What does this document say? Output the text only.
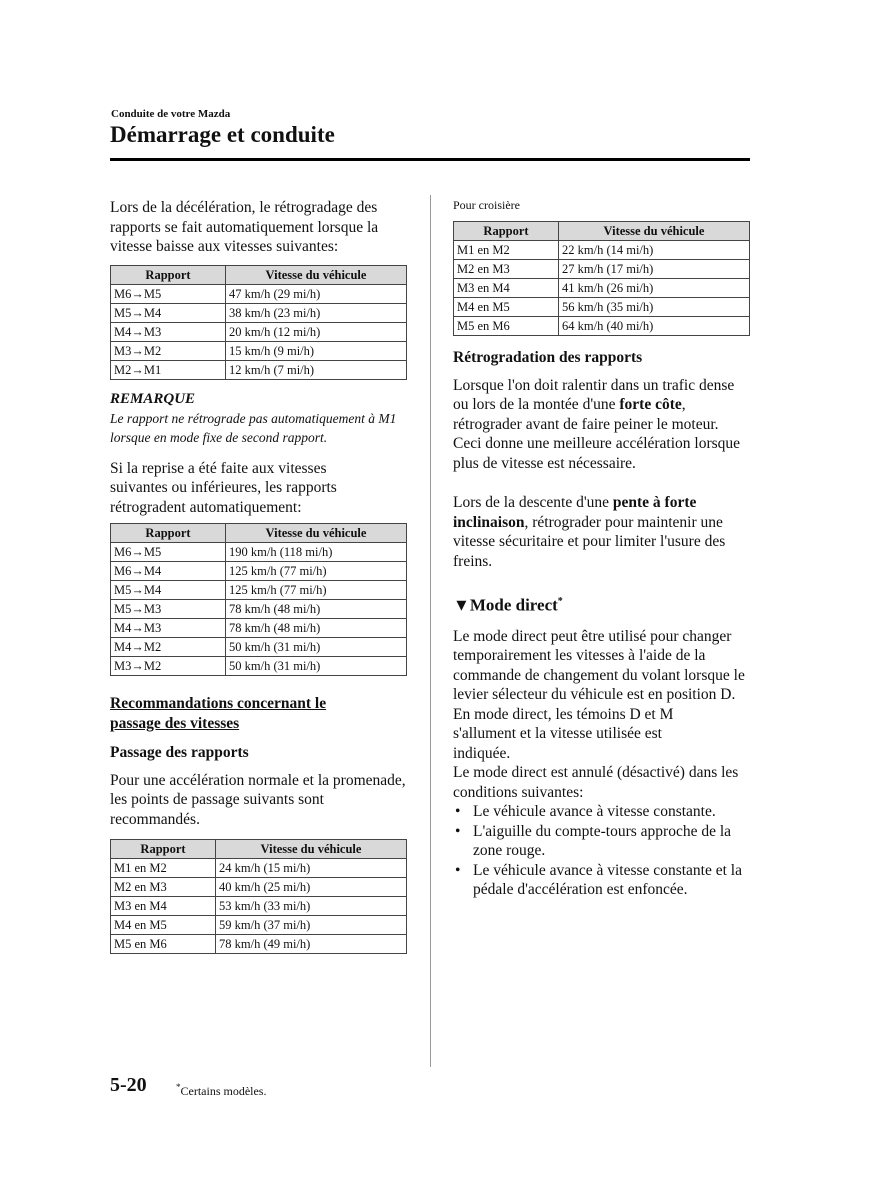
Conduite de votre Mazda
Démarrage et conduite

Lors de la décélération, le rétrogradage des rapports se fait automatiquement lorsque la vitesse baisse aux vitesses suivantes:

Rapport	Vitesse du véhicule
M6→M5	47 km/h (29 mi/h)
M5→M4	38 km/h (23 mi/h)
M4→M3	20 km/h (12 mi/h)
M3→M2	15 km/h (9 mi/h)
M2→M1	12 km/h (7 mi/h)

REMARQUE

Le rapport ne rétrograde pas automatiquement à M1 lorsque en mode fixe de second rapport.

Si la reprise a été faite aux vitesses suivantes ou inférieures, les rapports rétrogradent automatiquement:

Rapport	Vitesse du véhicule
M6→M5	190 km/h (118 mi/h)
M6→M4	125 km/h (77 mi/h)
M5→M4	125 km/h (77 mi/h)
M5→M3	78 km/h (48 mi/h)
M4→M3	78 km/h (48 mi/h)
M4→M2	50 km/h (31 mi/h)
M3→M2	50 km/h (31 mi/h)

Recommandations concernant le passage des vitesses

Passage des rapports

Pour une accélération normale et la promenade, les points de passage suivants sont recommandés.

Rapport	Vitesse du véhicule
M1 en M2	24 km/h (15 mi/h)
M2 en M3	40 km/h (25 mi/h)
M3 en M4	53 km/h (33 mi/h)
M4 en M5	59 km/h (37 mi/h)
M5 en M6	78 km/h (49 mi/h)

Pour croisière

Rapport	Vitesse du véhicule
M1 en M2	22 km/h (14 mi/h)
M2 en M3	27 km/h (17 mi/h)
M3 en M4	41 km/h (26 mi/h)
M4 en M5	56 km/h (35 mi/h)
M5 en M6	64 km/h (40 mi/h)

Rétrogradation des rapports

Lorsque l'on doit ralentir dans un trafic dense ou lors de la montée d'une forte côte, rétrograder avant de faire peiner le moteur. Ceci donne une meilleure accélération lorsque plus de vitesse est nécessaire.

Lors de la descente d'une pente à forte inclinaison, rétrograder pour maintenir une vitesse sécuritaire et pour limiter l'usure des freins.

▼Mode direct*

Le mode direct peut être utilisé pour changer temporairement les vitesses à l'aide de la commande de changement du volant lorsque le levier sélecteur du véhicule est en position D.

En mode direct, les témoins D et M s'allument et la vitesse utilisée est indiquée.

Le mode direct est annulé (désactivé) dans les conditions suivantes:

• Le véhicule avance à vitesse constante.
• L'aiguille du compte-tours approche de la zone rouge.
• Le véhicule avance à vitesse constante et la pédale d'accélération est enfoncée.
5-20	*Certains modèles.
